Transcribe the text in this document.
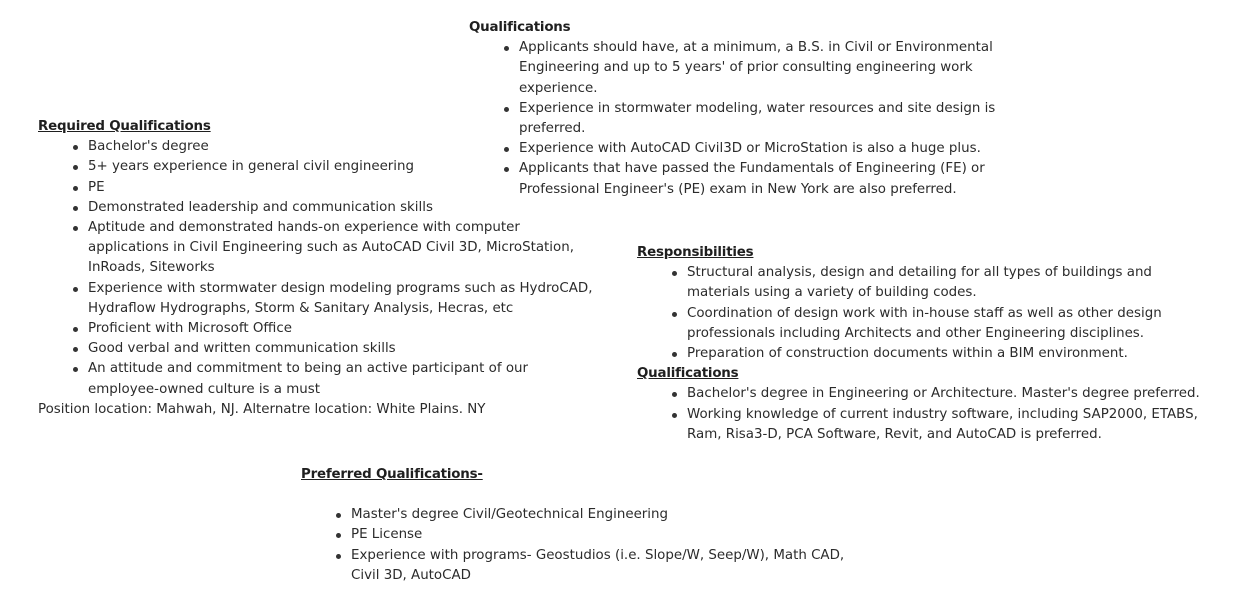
Qualifications
Applicants should have, at a minimum, a B.S. in Civil or Environmental Engineering and up to 5 years' of prior consulting engineering work experience.
Experience in stormwater modeling, water resources and site design is preferred.
Experience with AutoCAD Civil3D or MicroStation is also a huge plus.
Applicants that have passed the Fundamentals of Engineering (FE) or Professional Engineer's (PE) exam in New York are also preferred.
Required Qualifications
Bachelor's degree
5+ years experience in general civil engineering
PE
Demonstrated leadership and communication skills
Aptitude and demonstrated hands-on experience with computer applications in Civil Engineering such as AutoCAD Civil 3D, MicroStation, InRoads, Siteworks
Experience with stormwater design modeling programs such as HydroCAD, Hydraflow Hydrographs, Storm & Sanitary Analysis, Hecras, etc
Proficient with Microsoft Office
Good verbal and written communication skills
An attitude and commitment to being an active participant of our employee-owned culture is a must

Position location: Mahwah, NJ. Alternatre location: White Plains. NY

Responsibilities
Structural analysis, design and detailing for all types of buildings and materials using a variety of building codes.
Coordination of design work with in-house staff as well as other design professionals including Architects and other Engineering disciplines.
Preparation of construction documents within a BIM environment.
Qualifications
Bachelor's degree in Engineering or Architecture. Master's degree preferred.
Working knowledge of current industry software, including SAP2000, ETABS, Ram, Risa3-D, PCA Software, Revit, and AutoCAD is preferred.
Preferred Qualifications-
Master's degree Civil/Geotechnical Engineering
PE License
Experience with programs- Geostudios (i.e. Slope/W, Seep/W), Math CAD, Civil 3D, AutoCAD
